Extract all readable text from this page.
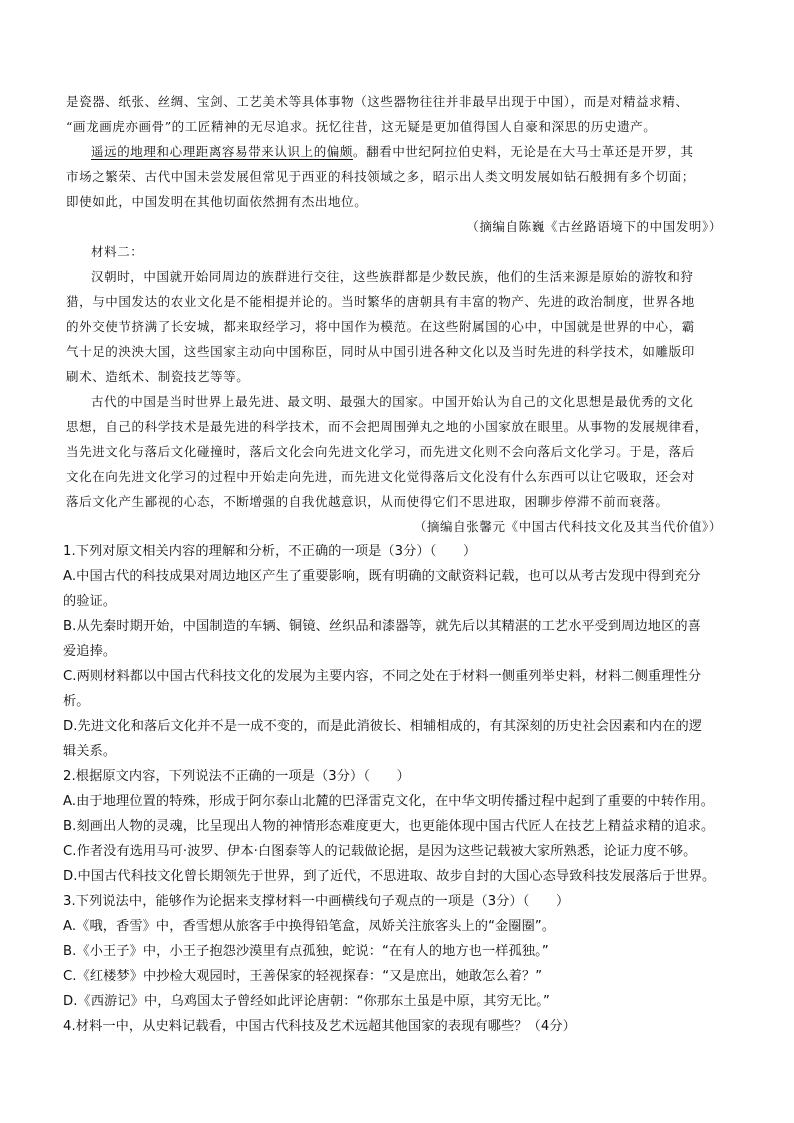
是瓷器、纸张、丝绸、宝剑、工艺美术等具体事物（这些器物往往并非最早出现于中国），而是对精益求精、
“画龙画虎亦画骨”的工匠精神的无尽追求。抚忆往昔，这无疑是更加值得国人自豪和深思的历史遗产。
遥远的地理和心理距离容易带来认识上的偏颇。翻看中世纪阿拉伯史料，无论是在大马士革还是开罗，其
市场之繁荣、古代中国未尝发展但常见于西亚的科技领域之多，昭示出人类文明发展如钻石般拥有多个切面；
即使如此，中国发明在其他切面依然拥有杰出地位。
（摘编自陈巍《古丝路语境下的中国发明》）
材料二：
汉朝时，中国就开始同周边的族群进行交往，这些族群都是少数民族，他们的生活来源是原始的游牧和狩
猎，与中国发达的农业文化是不能相提并论的。当时繁华的唐朝具有丰富的物产、先进的政治制度，世界各地
的外交使节挤满了长安城，都来取经学习，将中国作为模范。在这些附属国的心中，中国就是世界的中心，霸
气十足的泱泱大国，这些国家主动向中国称臣，同时从中国引进各种文化以及当时先进的科学技术，如雕版印
刷术、造纸术、制瓷技艺等等。
古代的中国是当时世界上最先进、最文明、最强大的国家。中国开始认为自己的文化思想是最优秀的文化
思想，自己的科学技术是最先进的科学技术，而不会把周围弹丸之地的小国家放在眼里。从事物的发展规律看，
当先进文化与落后文化碰撞时，落后文化会向先进文化学习，而先进文化则不会向落后文化学习。于是，落后
文化在向先进文化学习的过程中开始走向先进，而先进文化觉得落后文化没有什么东西可以让它吸取，还会对
落后文化产生鄙视的心态，不断增强的自我优越意识，从而使得它们不思进取，困聊步停滞不前而衰落。
（摘编自张馨元《中国古代科技文化及其当代价值》）
1.下列对原文相关内容的理解和分析，不正确的一项是（3分）（　　）
A.中国古代的科技成果对周边地区产生了重要影响，既有明确的文献资料记载，也可以从考古发现中得到充分
的验证。
B.从先秦时期开始，中国制造的车辆、铜镜、丝织品和漆器等，就先后以其精湛的工艺水平受到周边地区的喜
爱追捧。
C.两则材料都以中国古代科技文化的发展为主要内容，不同之处在于材料一侧重列举史料，材料二侧重理性分
析。
D.先进文化和落后文化并不是一成不变的，而是此消彼长、相辅相成的，有其深刻的历史社会因素和内在的逻
辑关系。
2.根据原文内容，下列说法不正确的一项是（3分）（　　）
A.由于地理位置的特殊，形成于阿尔泰山北麓的巴泽雷克文化，在中华文明传播过程中起到了重要的中转作用。
B.刻画出人物的灵魂，比呈现出人物的神情形态难度更大，也更能体现中国古代匠人在技艺上精益求精的追求。
C.作者没有选用马可·波罗、伊本·白图泰等人的记载做论据，是因为这些记载被大家所熟悉，论证力度不够。
D.中国古代科技文化曾长期领先于世界，到了近代，不思进取、故步自封的大国心态导致科技发展落后于世界。
3.下列说法中，能够作为论据来支撑材料一中画横线句子观点的一项是（3分）（　　）
A.《哦，香雪》中，香雪想从旅客手中换得铅笔盒，凤娇关注旅客头上的“金圈圈”。
B.《小王子》中，小王子抱怨沙漠里有点孤独，蛇说：“在有人的地方也一样孤独。”
C.《红楼梦》中抄检大观园时，王善保家的轻视探春：“又是庶出，她敢怎么着？”
D.《西游记》中，乌鸡国太子曾经如此评论唐朝：“你那东土虽是中原，其穷无比。”
4.材料一中，从史料记载看，中国古代科技及艺术远超其他国家的表现有哪些？（4分）
